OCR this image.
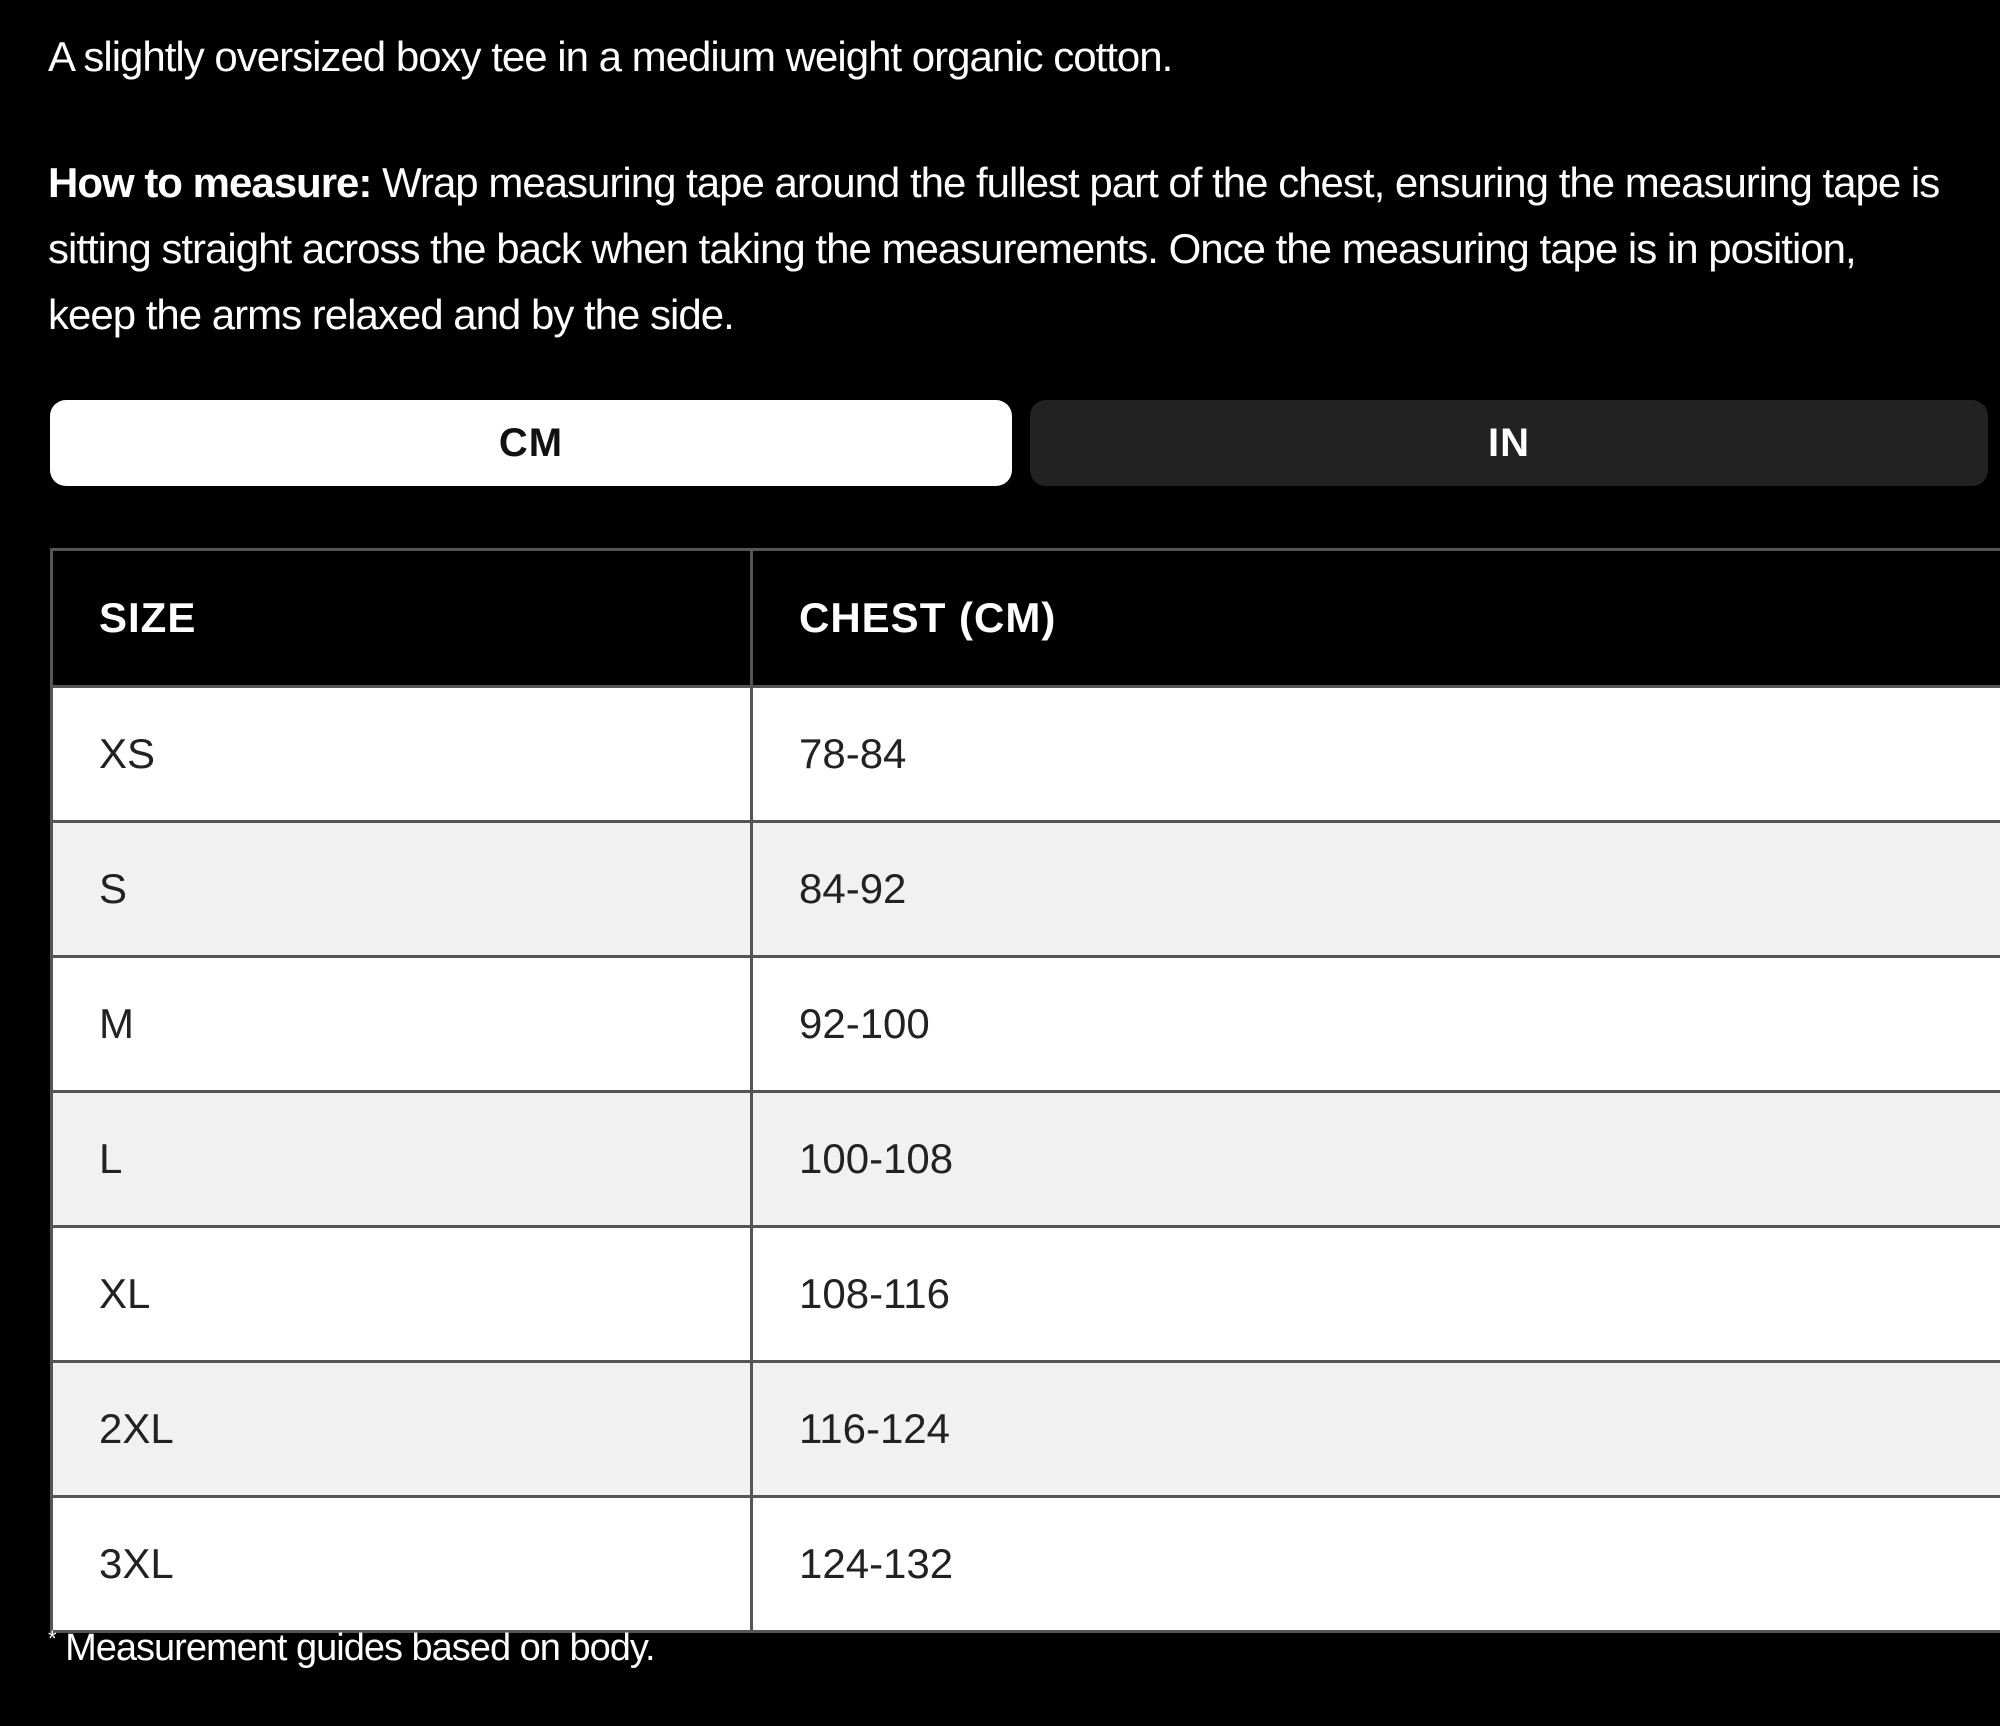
A slightly oversized boxy tee in a medium weight organic cotton.

How to measure: Wrap measuring tape around the fullest part of the chest, ensuring the measuring tape is sitting straight across the back when taking the measurements. Once the measuring tape is in position, keep the arms relaxed and by the side.

CM	IN
SIZE	CHEST (CM)
XS	78-84
S	84-92
M	92-100
L	100-108
XL	108-116
2XL	116-124
3XL	124-132

* Measurement guides based on body.
